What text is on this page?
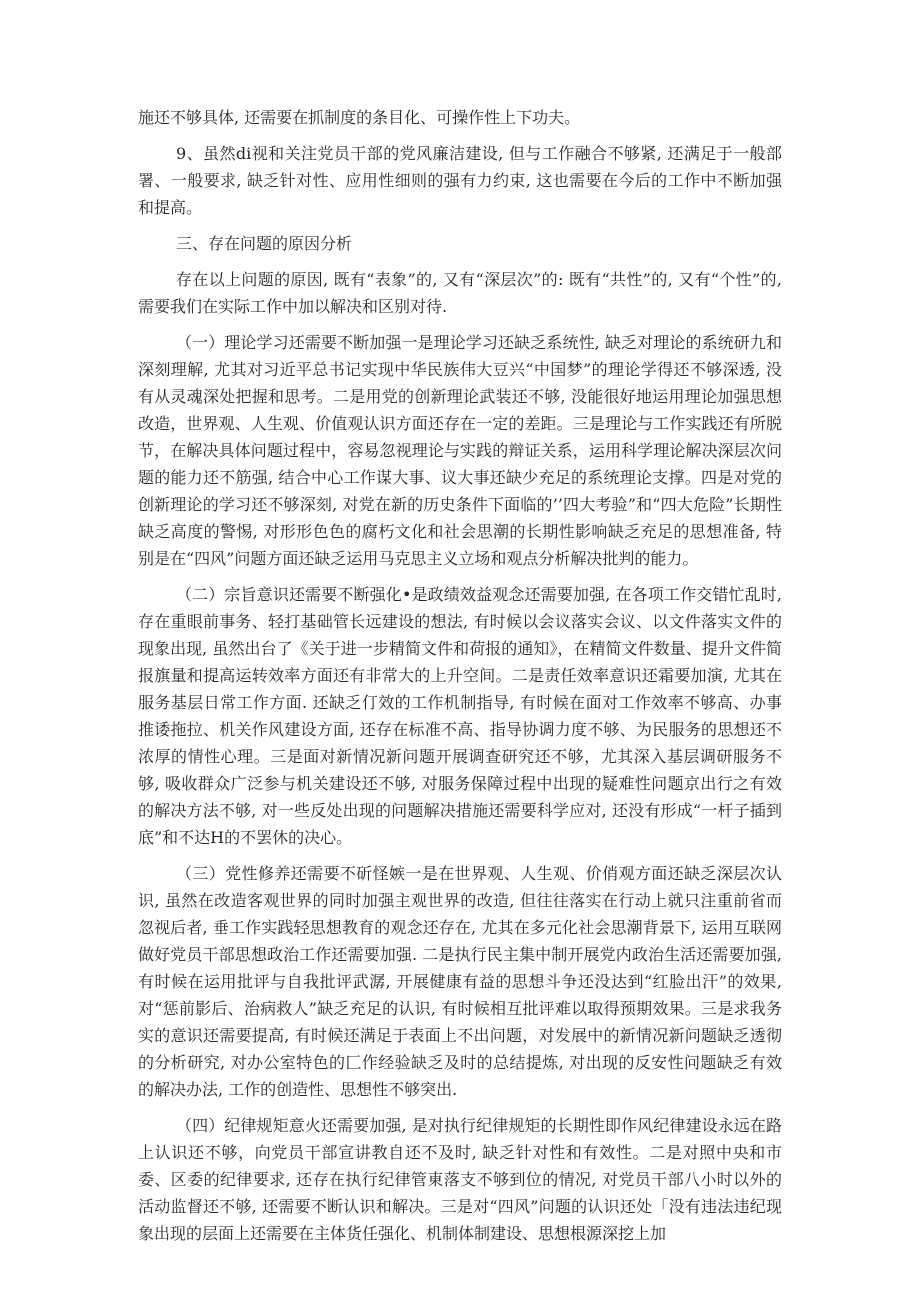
施还不够具体, 还需要在抓制度的条目化、可操作性上下功夫。

9、虽然di视和关注党员干部的党风廉洁建设, 但与工作融合不够紧, 还满足于一般部署、一般要求, 缺乏针对性、应用性细则的强有力约束, 这也需要在今后的工作中不断加强和提高。

三、存在问题的原因分析

存在以上问题的原因, 既有“表象”的, 又有“深层次”的: 既有“共性”的, 又有“个性”的, 需要我们在实际工作中加以解决和区别对待.

（一）理论学习还需要不断加强一是理论学习还缺乏系统性, 缺乏对理论的系统研九和深刻理解, 尤其对习近平总书记实现中华民族伟大豆兴“中国梦”的理论学得还不够深透, 没有从灵魂深处把握和思考。二是用党的创新理论武装还不够, 没能很好地运用理论加强思想改造，世界观、人生观、价值观认识方面还存在一定的差距。三是理论与工作实践还有所脱节，在解决具体问题过程中，容易忽视理论与实践的辩证关系，运用科学理论解决深层次问题的能力还不筋强, 结合中心工作谋大事、议大事还缺少充足的系统理论支撑。四是对党的创新理论的学习还不够深刻, 对党在新的历史条件下面临的’’四大考验”和“四大危险”长期性缺乏高度的警惕, 对形形色色的腐朽文化和社会思潮的长期性影响缺乏充足的思想准备, 特别是在“四风”问题方面还缺乏运用马克思主义立场和观点分析解决批判的能力。

（二）宗旨意识还需要不断强化•是政绩效益观念还需要加强, 在各项工作交错忙乱时, 存在重眼前事务、轻打基础管长远建设的想法, 有时候以会议落实会议、以文件落实文件的现象出现, 虽然出台了《关于进一步精简文件和荷报的通知》，在精简文件数量、提升文件简报旗量和提高运转效率方面还有非常大的上升空间。二是责任效率意识还霜要加演, 尤其在服务基层日常工作方面. 还缺乏仃效的工作机制指导, 有时候在面对工作效率不够高、办事推诿拖拉、机关作风建设方面, 还存在标准不高、指导协调力度不够、为民服务的思想还不浓厚的情性心理。三是面对新情况新问题开展调查研究还不够，尤其深入基层调研服务不够, 吸收群众广泛参与机关建设还不够, 对服务保障过程中出现的疑难性问题京出行之有效的解决方法不够, 对一些反处出现的问题解决措施还需要科学应对, 还没有形成“一杆子插到底”和不达H的不罢休的决心。

（三）党性修养还需要不斫怪嫉一是在世界观、人生观、价俏观方面还缺乏深层次认识, 虽然在改造客观世界的同时加强主观世界的改造, 但往往落实在行动上就只注重前省而忽视后者, 垂工作实践轻思想教育的观念还存在, 尤其在多元化社会思潮背景下, 运用互联网做好党员干部思想政治工作还需要加强. 二是执行民主集中制开展党内政治生活还需要加强, 有时候在运用批评与自我批评武潺, 开展健康有益的思想斗争还没达到“红脸出汗”的效果, 对“惩前影后、治病救人”缺乏充足的认识, 有时候相互批评难以取得预期效果。三是求我务实的意识还需要提高, 有时候还满足于表面上不出问题，对发展中的新情况新问题缺乏透彻的分析研究, 对办公室特色的匚作经验缺乏及时的总结提炼, 对出现的反安性问题缺乏有效的解决办法, 工作的创造性、思想性不够突出.

（四）纪律规矩意火还需要加强, 是对执行纪律规矩的长期性即作风纪律建设永远在路上认识还不够，向党员干部宣讲教自还不及时, 缺乏针对性和有效性。二是对照中央和市委、区委的纪律要求, 还存在执行纪律管東落支不够到位的情况, 对党员干部八小时以外的活动监督还不够, 还需要不断认识和解决。三是对“四风”问题的认识还处「没有违法违纪现象出现的层面上还需要在主体货任强化、机制体制建设、思想根源深挖上加
